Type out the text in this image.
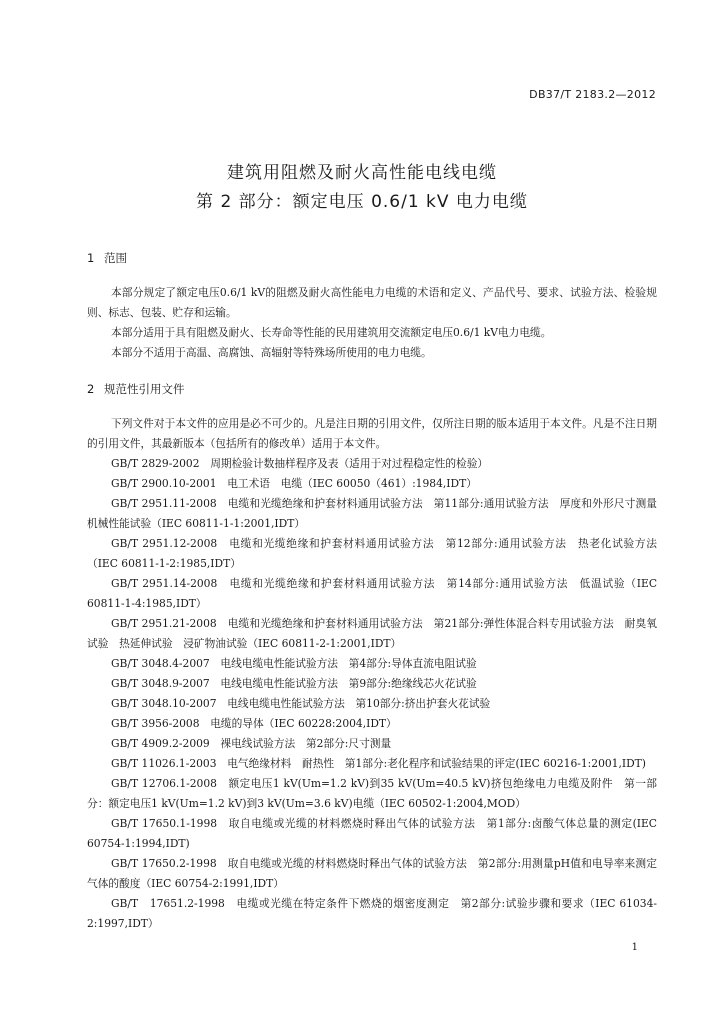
DB37/T 2183.2—2012
建筑用阻燃及耐火高性能电线电缆
第 2 部分：额定电压 0.6/1 kV 电力电缆
1 范围

本部分规定了额定电压0.6/1 kV的阻燃及耐火高性能电力电缆的术语和定义、产品代号、要求、试验方法、检验规则、标志、包装、贮存和运输。

本部分适用于具有阻燃及耐火、长寿命等性能的民用建筑用交流额定电压0.6/1 kV电力电缆。

本部分不适用于高温、高腐蚀、高辐射等特殊场所使用的电力电缆。

2 规范性引用文件

下列文件对于本文件的应用是必不可少的。凡是注日期的引用文件，仅所注日期的版本适用于本文件。凡是不注日期的引用文件，其最新版本（包括所有的修改单）适用于本文件。

GB/T 2829-2002　周期检验计数抽样程序及表（适用于对过程稳定性的检验）

GB/T 2900.10-2001　电工术语　电缆（IEC 60050（461）:1984,IDT）

GB/T 2951.11-2008　电缆和光缆绝缘和护套材料通用试验方法　第11部分:通用试验方法　厚度和外形尺寸测量　机械性能试验（IEC 60811-1-1:2001,IDT）

GB/T 2951.12-2008　电缆和光缆绝缘和护套材料通用试验方法　第12部分:通用试验方法　热老化试验方法（IEC 60811-1-2:1985,IDT）

GB/T 2951.14-2008　电缆和光缆绝缘和护套材料通用试验方法　第14部分:通用试验方法　低温试验（IEC 60811-1-4:1985,IDT）

GB/T 2951.21-2008　电缆和光缆绝缘和护套材料通用试验方法　第21部分:弹性体混合料专用试验方法　耐臭氧试验　热延伸试验　浸矿物油试验（IEC 60811-2-1:2001,IDT）

GB/T 3048.4-2007　电线电缆电性能试验方法　第4部分:导体直流电阻试验

GB/T 3048.9-2007　电线电缆电性能试验方法　第9部分:绝缘线芯火花试验

GB/T 3048.10-2007　电线电缆电性能试验方法　第10部分:挤出护套火花试验

GB/T 3956-2008　电缆的导体（IEC 60228:2004,IDT）

GB/T 4909.2-2009　裸电线试验方法　第2部分:尺寸测量

GB/T 11026.1-2003　电气绝缘材料　耐热性　第1部分:老化程序和试验结果的评定(IEC 60216-1:2001,IDT)

GB/T 12706.1-2008　额定电压1 kV(Um=1.2 kV)到35 kV(Um=40.5 kV)挤包绝缘电力电缆及附件　第一部分：额定电压1 kV(Um=1.2 kV)到3 kV(Um=3.6 kV)电缆（IEC 60502-1:2004,MOD）

GB/T 17650.1-1998　取自电缆或光缆的材料燃烧时释出气体的试验方法　第1部分:卤酸气体总量的测定(IEC 60754-1:1994,IDT)

GB/T 17650.2-1998　取自电缆或光缆的材料燃烧时释出气体的试验方法　第2部分:用测量pH值和电导率来测定气体的酸度（IEC 60754-2:1991,IDT）

GB/T　17651.2-1998　电缆或光缆在特定条件下燃烧的烟密度测定　第2部分:试验步骤和要求（IEC 61034-2:1997,IDT）

1
